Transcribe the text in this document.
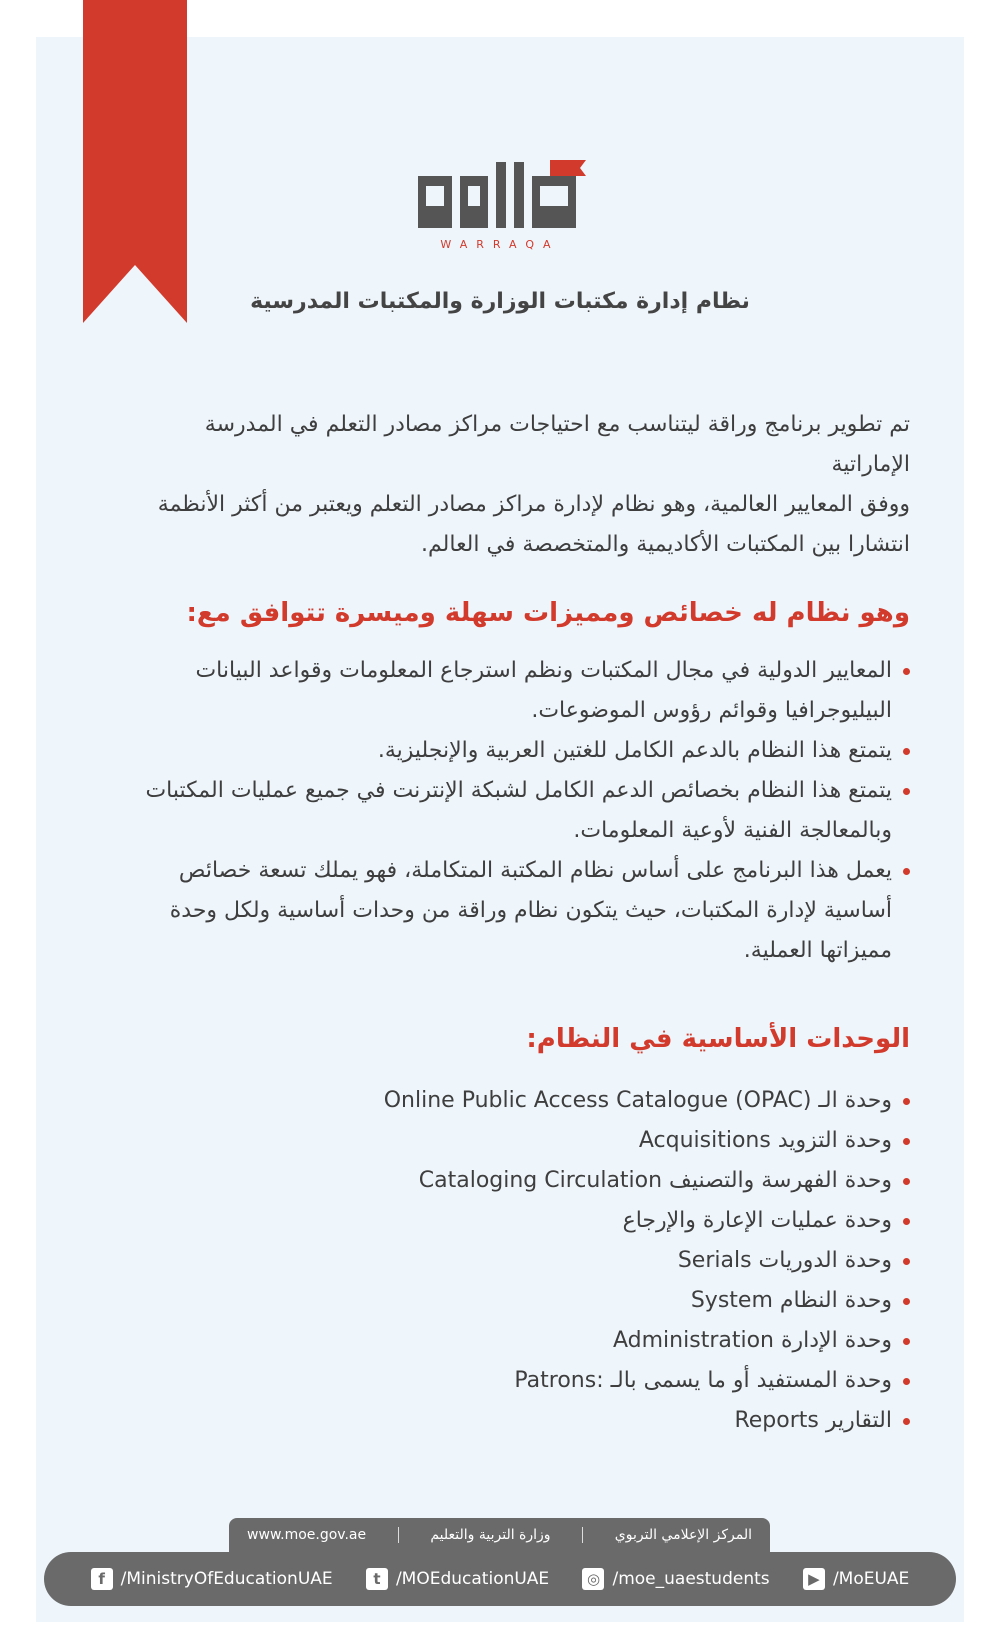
WARRAQA
نظام إدارة مكتبات الوزارة والمكتبات المدرسية

تم تطوير برنامج وراقة ليتناسب مع احتياجات مراكز مصادر التعلم في المدرسة الإماراتية
ووفق المعايير العالمية، وهو نظام لإدارة مراكز مصادر التعلم ويعتبر من أكثر الأنظمة
انتشارا بين المكتبات الأكاديمية والمتخصصة في العالم.

وهو نظام له خصائص ومميزات سهلة وميسرة تتوافق مع:
المعايير الدولية في مجال المكتبات ونظم استرجاع المعلومات وقواعد البيانات
البيليوجرافيا وقوائم رؤوس الموضوعات.
يتمتع هذا النظام بالدعم الكامل للغتين العربية والإنجليزية.
يتمتع هذا النظام بخصائص الدعم الكامل لشبكة الإنترنت في جميع عمليات المكتبات
وبالمعالجة الفنية لأوعية المعلومات.
يعمل هذا البرنامج على أساس نظام المكتبة المتكاملة، فهو يملك تسعة خصائص
أساسية لإدارة المكتبات، حيث يتكون نظام وراقة من وحدات أساسية ولكل وحدة
مميزاتها العملية.
الوحدات الأساسية في النظام:
وحدة الـ (OPAC) Online Public Access Catalogue
وحدة التزويد Acquisitions
وحدة الفهرسة والتصنيف Cataloging Circulation
وحدة عمليات الإعارة والإرجاع
وحدة الدوريات Serials
وحدة النظام System
وحدة الإدارة Administration
وحدة المستفيد أو ما يسمى بالـ :Patrons
التقارير Reports
المركز الإعلامي التربوي
وزارة التربية والتعليم
www.moe.gov.ae
f /MinistryOfEducationUAE	t /MOEducationUAE	◎ /moe_uaestudents	▶ /MoEUAE
